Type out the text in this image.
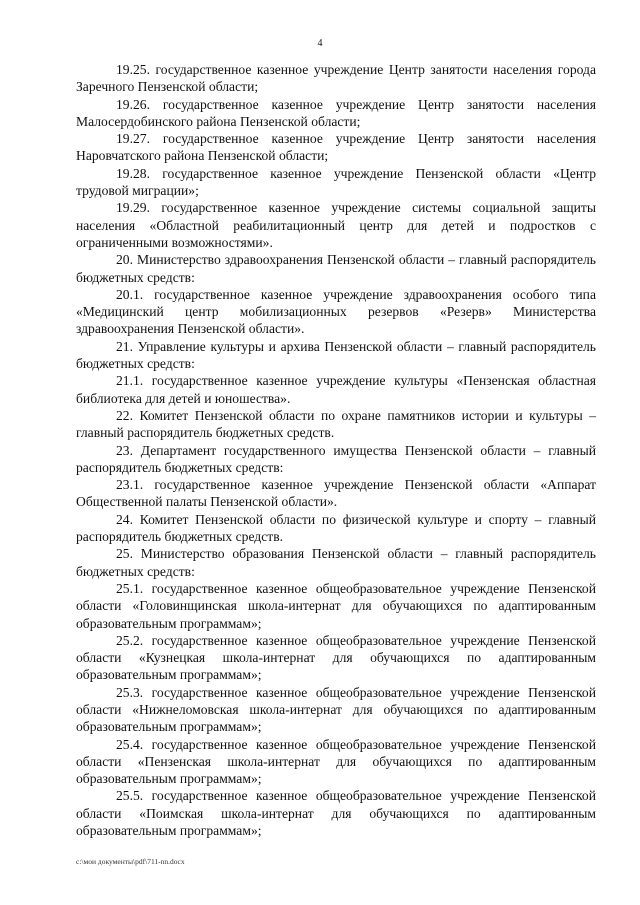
4

19.25. государственное казенное учреждение Центр занятости населения города Заречного Пензенской области;

19.26. государственное казенное учреждение Центр занятости населения Малосердобинского района Пензенской области;

19.27. государственное казенное учреждение Центр занятости населения Наровчатского района Пензенской области;

19.28. государственное казенное учреждение Пензенской области «Центр трудовой миграции»;

19.29. государственное казенное учреждение системы социальной защиты населения «Областной реабилитационный центр для детей и подростков с ограниченными возможностями».

20. Министерство здравоохранения Пензенской области – главный распорядитель бюджетных средств:

20.1. государственное казенное учреждение здравоохранения особого типа «Медицинский центр мобилизационных резервов «Резерв» Министерства здравоохранения Пензенской области».

21. Управление культуры и архива Пензенской области – главный распорядитель бюджетных средств:

21.1. государственное казенное учреждение культуры «Пензенская областная библиотека для детей и юношества».

22. Комитет Пензенской области по охране памятников истории и культуры – главный распорядитель бюджетных средств.

23. Департамент государственного имущества Пензенской области – главный распорядитель бюджетных средств:

23.1. государственное казенное учреждение Пензенской области «Аппарат Общественной палаты Пензенской области».

24. Комитет Пензенской области по физической культуре и спорту – главный распорядитель бюджетных средств.

25. Министерство образования Пензенской области – главный распорядитель бюджетных средств:

25.1. государственное казенное общеобразовательное учреждение Пензенской области «Головинщинская школа-интернат для обучающихся по адаптированным образовательным программам»;

25.2. государственное казенное общеобразовательное учреждение Пензенской области «Кузнецкая школа-интернат для обучающихся по адаптированным образовательным программам»;

25.3. государственное казенное общеобразовательное учреждение Пензенской области «Нижнеломовская школа-интернат для обучающихся по адаптированным образовательным программам»;

25.4. государственное казенное общеобразовательное учреждение Пензенской области «Пензенская школа-интернат для обучающихся по адаптированным образовательным программам»;

25.5. государственное казенное общеобразовательное учреждение Пензенской области «Поимская школа-интернат для обучающихся по адаптированным образовательным программам»;

c:\мои документы\pdf\711-nn.docx
